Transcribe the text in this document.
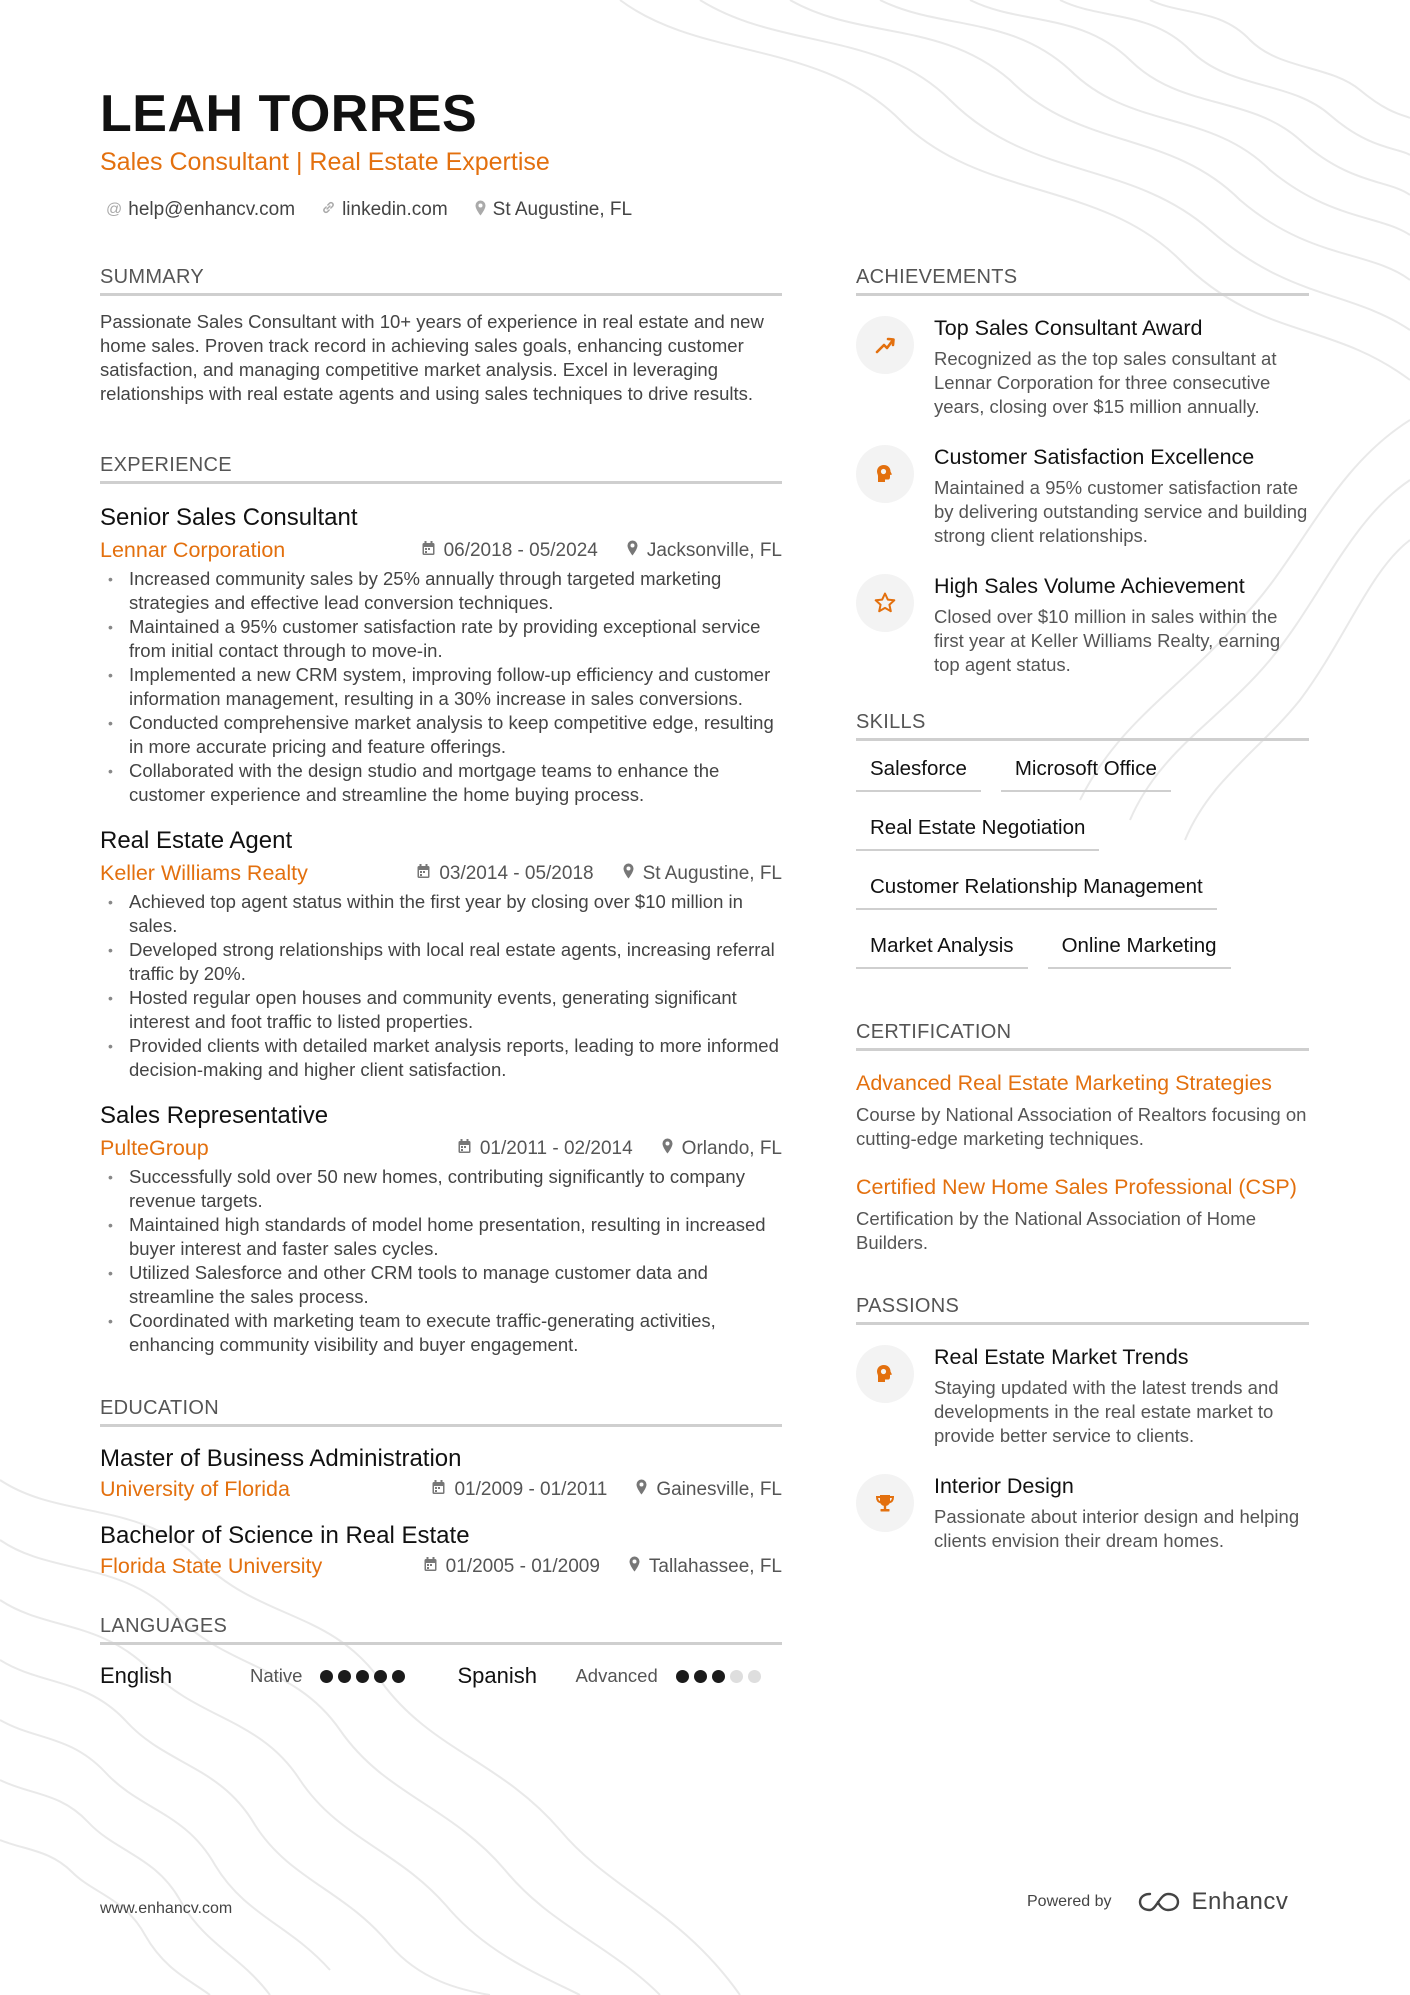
LEAH TORRES
Sales Consultant | Real Estate Expertise
@ help@enhancv.com linkedin.com St Augustine, FL
SUMMARY
Passionate Sales Consultant with 10+ years of experience in real estate and new home sales. Proven track record in achieving sales goals, enhancing customer satisfaction, and managing competitive market analysis. Excel in leveraging relationships with real estate agents and using sales techniques to drive results.
EXPERIENCE
Senior Sales Consultant
Lennar Corporation	06/2018 - 05/2024	Jacksonville, FL
• Increased community sales by 25% annually through targeted marketing strategies and effective lead conversion techniques.
• Maintained a 95% customer satisfaction rate by providing exceptional service from initial contact through to move-in.
• Implemented a new CRM system, improving follow-up efficiency and customer information management, resulting in a 30% increase in sales conversions.
• Conducted comprehensive market analysis to keep competitive edge, resulting in more accurate pricing and feature offerings.
• Collaborated with the design studio and mortgage teams to enhance the customer experience and streamline the home buying process.
Real Estate Agent
Keller Williams Realty	03/2014 - 05/2018	St Augustine, FL
• Achieved top agent status within the first year by closing over $10 million in sales.
• Developed strong relationships with local real estate agents, increasing referral traffic by 20%.
• Hosted regular open houses and community events, generating significant interest and foot traffic to listed properties.
• Provided clients with detailed market analysis reports, leading to more informed decision-making and higher client satisfaction.
Sales Representative
PulteGroup	01/2011 - 02/2014	Orlando, FL
• Successfully sold over 50 new homes, contributing significantly to company revenue targets.
• Maintained high standards of model home presentation, resulting in increased buyer interest and faster sales cycles.
• Utilized Salesforce and other CRM tools to manage customer data and streamline the sales process.
• Coordinated with marketing team to execute traffic-generating activities, enhancing community visibility and buyer engagement.
EDUCATION
Master of Business Administration
University of Florida	01/2009 - 01/2011	Gainesville, FL
Bachelor of Science in Real Estate
Florida State University	01/2005 - 01/2009	Tallahassee, FL
LANGUAGES
English	Native	Spanish	Advanced
ACHIEVEMENTS
Top Sales Consultant Award
Recognized as the top sales consultant at Lennar Corporation for three consecutive years, closing over $15 million annually.
Customer Satisfaction Excellence
Maintained a 95% customer satisfaction rate by delivering outstanding service and building strong client relationships.
High Sales Volume Achievement
Closed over $10 million in sales within the first year at Keller Williams Realty, earning top agent status.
SKILLS
Salesforce	Microsoft Office
Real Estate Negotiation
Customer Relationship Management
Market Analysis	Online Marketing
CERTIFICATION
Advanced Real Estate Marketing Strategies
Course by National Association of Realtors focusing on cutting-edge marketing techniques.
Certified New Home Sales Professional (CSP)
Certification by the National Association of Home Builders.
PASSIONS
Real Estate Market Trends
Staying updated with the latest trends and developments in the real estate market to provide better service to clients.
Interior Design
Passionate about interior design and helping clients envision their dream homes.
www.enhancv.com	Powered by	Enhancv
